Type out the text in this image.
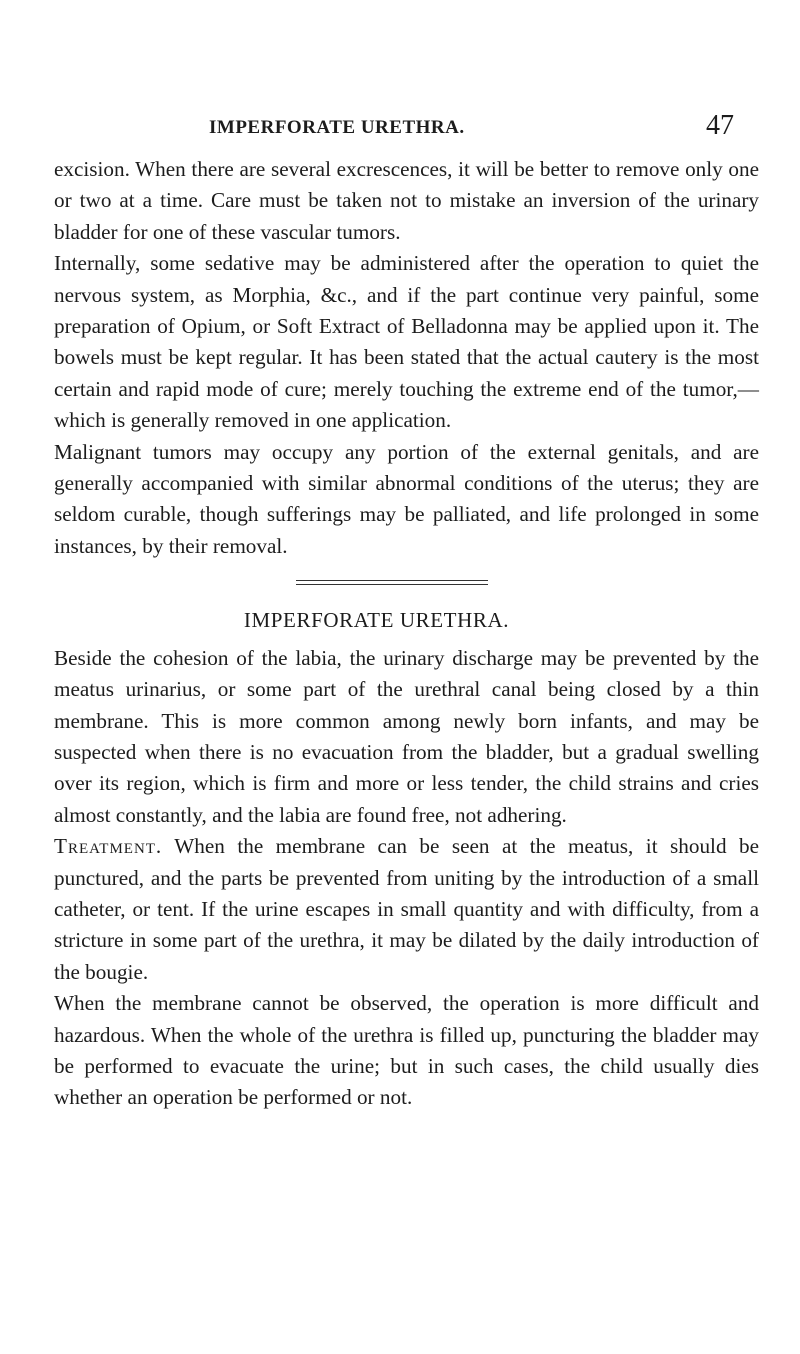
IMPERFORATE URETHRA.	47

excision. When there are several excrescences, it will be better to remove only one or two at a time. Care must be taken not to mistake an inversion of the urinary bladder for one of these vascular tumors.

Internally, some sedative may be administered after the operation to quiet the nervous system, as Morphia, &c., and if the part continue very painful, some preparation of Opium, or Soft Extract of Belladonna may be applied upon it. The bowels must be kept regular. It has been stated that the actual cautery is the most certain and rapid mode of cure; merely touching the extreme end of the tumor,—which is generally removed in one application.

Malignant tumors may occupy any portion of the external genitals, and are generally accompanied with similar abnormal conditions of the uterus; they are seldom curable, though sufferings may be palliated, and life prolonged in some instances, by their removal.

IMPERFORATE URETHRA.

Beside the cohesion of the labia, the urinary discharge may be prevented by the meatus urinarius, or some part of the urethral canal being closed by a thin membrane. This is more common among newly born infants, and may be suspected when there is no evacuation from the bladder, but a gradual swelling over its region, which is firm and more or less tender, the child strains and cries almost constantly, and the labia are found free, not adhering.

Treatment. When the membrane can be seen at the meatus, it should be punctured, and the parts be prevented from uniting by the introduction of a small catheter, or tent. If the urine escapes in small quantity and with difficulty, from a stricture in some part of the urethra, it may be dilated by the daily introduction of the bougie.

When the membrane cannot be observed, the operation is more difficult and hazardous. When the whole of the urethra is filled up, puncturing the bladder may be performed to evacuate the urine; but in such cases, the child usually dies whether an operation be performed or not.
